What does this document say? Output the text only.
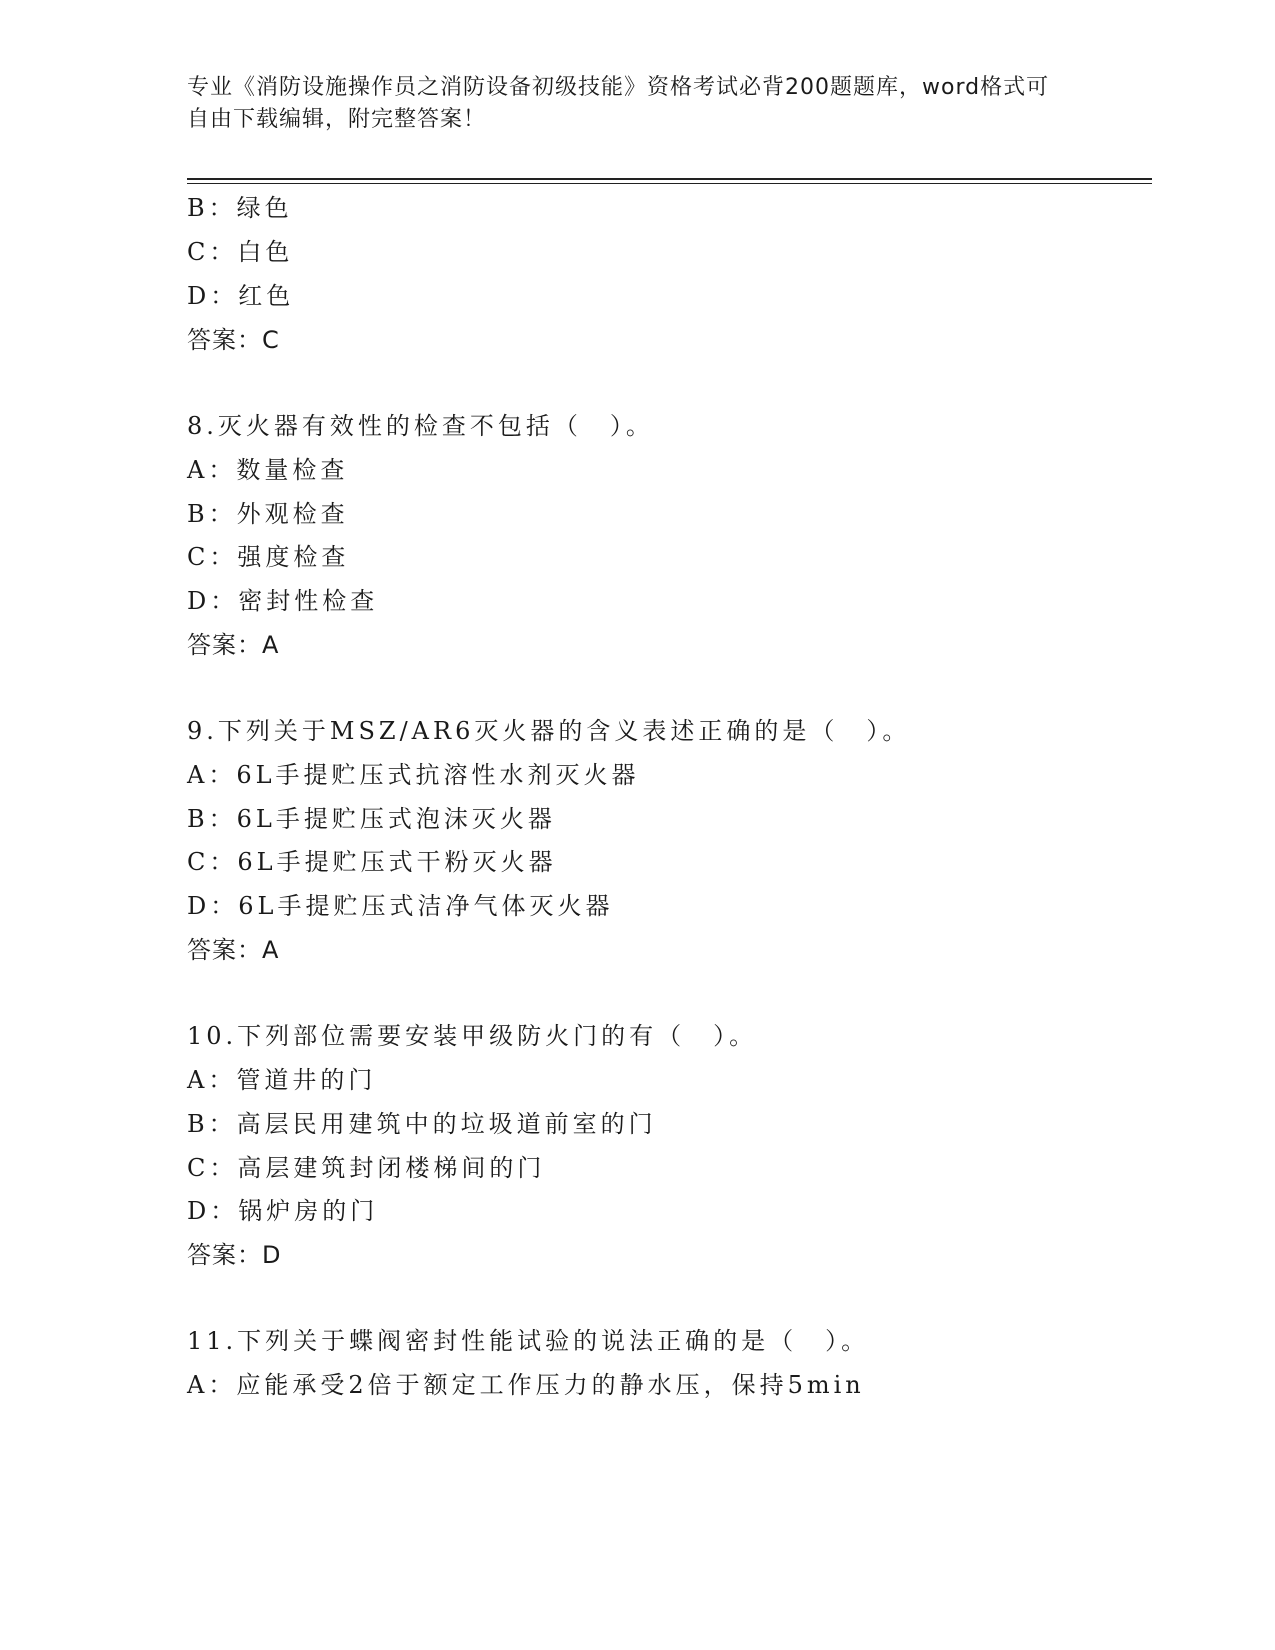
专业《消防设施操作员之消防设备初级技能》资格考试必背200题题库，word格式可自由下载编辑，附完整答案！
B：绿色
C：白色
D：红色
答案：C
8.灭火器有效性的检查不包括（　）。
A：数量检查
B：外观检查
C：强度检查
D：密封性检查
答案：A
9.下列关于MSZ/AR6灭火器的含义表述正确的是（　）。
A：6L手提贮压式抗溶性水剂灭火器
B：6L手提贮压式泡沫灭火器
C：6L手提贮压式干粉灭火器
D：6L手提贮压式洁净气体灭火器
答案：A
10.下列部位需要安装甲级防火门的有（　）。
A：管道井的门
B：高层民用建筑中的垃圾道前室的门
C：高层建筑封闭楼梯间的门
D：锅炉房的门
答案：D
11.下列关于蝶阀密封性能试验的说法正确的是（　）。
A：应能承受2倍于额定工作压力的静水压，保持5min
